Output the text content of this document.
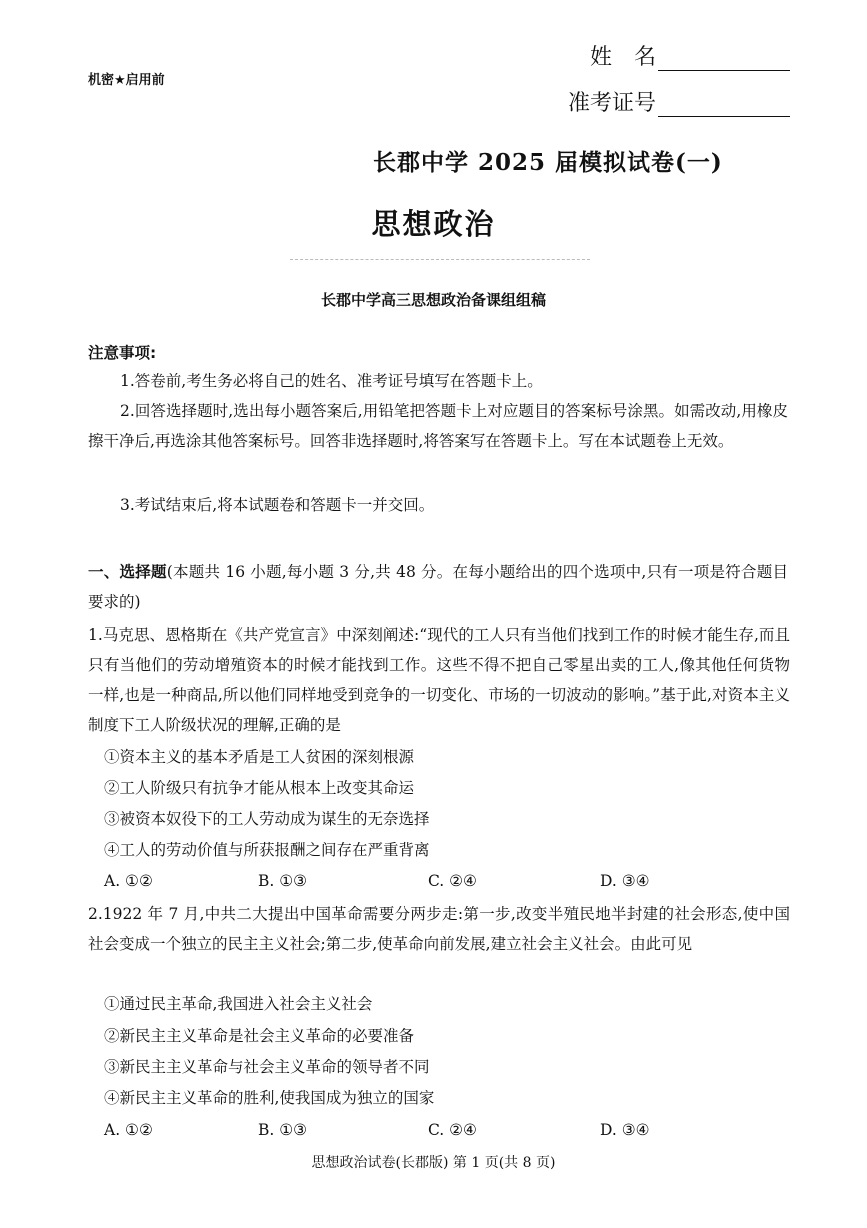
机密★启用前
姓　名
准考证号
长郡中学 2025 届模拟试卷(一)
思想政治
长郡中学高三思想政治备课组组稿
注意事项:
1.答卷前,考生务必将自己的姓名、准考证号填写在答题卡上。
2.回答选择题时,选出每小题答案后,用铅笔把答题卡上对应题目的答案标号涂黑。如需改动,用橡皮擦干净后,再选涂其他答案标号。回答非选择题时,将答案写在答题卡上。写在本试题卷上无效。
3.考试结束后,将本试题卷和答题卡一并交回。
一、选择题(本题共 16 小题,每小题 3 分,共 48 分。在每小题给出的四个选项中,只有一项是符合题目要求的)
1.马克思、恩格斯在《共产党宣言》中深刻阐述:“现代的工人只有当他们找到工作的时候才能生存,而且只有当他们的劳动增殖资本的时候才能找到工作。这些不得不把自己零星出卖的工人,像其他任何货物一样,也是一种商品,所以他们同样地受到竞争的一切变化、市场的一切波动的影响。”基于此,对资本主义制度下工人阶级状况的理解,正确的是
①资本主义的基本矛盾是工人贫困的深刻根源
②工人阶级只有抗争才能从根本上改变其命运
③被资本奴役下的工人劳动成为谋生的无奈选择
④工人的劳动价值与所获报酬之间存在严重背离
A. ①②	B. ①③	C. ②④	D. ③④
2.1922 年 7 月,中共二大提出中国革命需要分两步走:第一步,改变半殖民地半封建的社会形态,使中国社会变成一个独立的民主主义社会;第二步,使革命向前发展,建立社会主义社会。由此可见
①通过民主革命,我国进入社会主义社会
②新民主主义革命是社会主义革命的必要准备
③新民主主义革命与社会主义革命的领导者不同
④新民主主义革命的胜利,使我国成为独立的国家
A. ①②	B. ①③	C. ②④	D. ③④
思想政治试卷(长郡版) 第 1 页(共 8 页)
